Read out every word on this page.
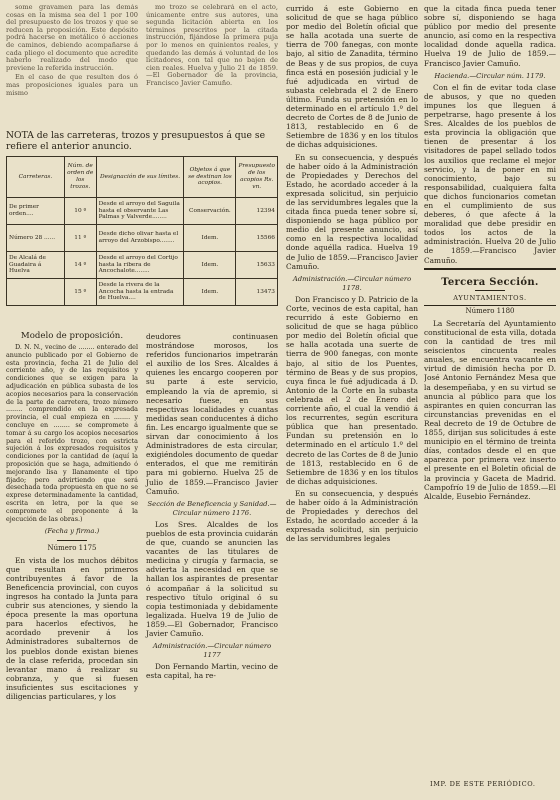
some gravamen para las demás cosas en la misma sea del 1 por 100 del presupuesto de los trozos y que se reducen la proposición. Este depósito podrá hacerse en metálico ó acciones de caminos, debiendo acompañarse á cada pliego el documento que acredite haberlo realizado del modo que previene la referida instrucción.

En el caso de que resulten dos ó mas proposiciones iguales para un mismo

mo trozo se celebrará en el acto, únicamente entre sus autores, una segunda licitación abierta en los términos prescritos por la citada instrucción, fijándose la primera puja por lo menos en quinientos reales, y quedando las demás á voluntad de los licitadores, con tal que no bajen de cien reales. Huelva y Julio 21 de 1859.—El Gobernador de la provincia, Francisco Javier Camuño.

NOTA de las carreteras, trozos y presupuestos á que se refiere el anterior anuncio.

Carreteras.	Núm. de orden de los trozos.	Designación de sus límites.	Objetos á que se destinan los acopios.	Presupuesto de los acopios Rs. vn.
De primer orden....	10 º	Desde el arroyo del Saguila hasta el observante Las Palmas y Valverde........	Conservación.	12394
Número 28 ......	11 º	Desde dicho olivar hasta el arroyo del Arzobispo........	Idem.	15566
De Alcalá de Guadaira á Huelva	14 º	Desde el arroyo del Cortijo hasta la ribera de Ancochalote........	Idem.	15633
	15 º	Desde la rivera de la Ancocha hasta la entrada de Huelva....	Idem.	13473

Modelo de proposición.

D. N. N., vecino de ........ enterado del anuncio publicado por el Gobierno de esta provincia, fecha 21 de Julio del corriente año, y de las requisitos y condiciones que se exigen para la adjudicación en pública subasta de los acopios necesarios para la conservación de la parte de carretera, trozo número ........ comprendido en la expresada provincia, el cual empieza en ........ y concluye en ........ se compromete á tomar á su cargo los acopios necesarios para el referido trozo, con estricta sujeción á los expresados requisitos y condiciones por la cantidad de (aquí la proposición que se haga, admitiendo ó mejorando lisa y llanamente el tipo fijado; pero advirtiendo que será desechada toda propuesta en que no se exprese determinadamente la cantidad, escrita en letra, por la que se compromete el proponente á la ejecución de las obras.)

(Fecha y firma.)

Número 1175

En vista de los muchos débitos que resultan en primeros contribuyentes á favor de la Beneficencia provincial, con cuyos ingresos ha contado la Junta para cubrir sus atenciones, y siendo la época presente la mas oportuna para hacerlos efectivos, he acordado prevenir á los Administradores subalternos de los pueblos donde existan bienes de la clase referida, procedan sin levantar mano á realizar su cobranza, y que si fuesen insuficientes sus escitaciones y diligencias particulares, y los

deudores continuasen mostrándose morosos, los referidos funcionarios impetrarán el auxilio de los Sres. Alcaldes á quienes les encargo cooperen por su parte á este servicio, empleando la vía de apremio, si necesario fuese, en sus respectivas localidades y cuantas medidas sean conducentes á dicho fin. Les encargo igualmente que se sirvan dar conocimiento á los Administradores de esta circular, exigiéndoles documento de quedar enterados, el que me remitirán para mi gobierno. Huelva 25 de Julio de 1859.—Francisco Javier Camuño.

Sección de Beneficencia y Sanidad.—Circular número 1176.

Los Sres. Alcaldes de los pueblos de esta provincia cuidarán de que, cuando se anuncien las vacantes de las titulares de medicina y cirugía y farmacia, se advierta la necesidad en que se hallan los aspirantes de presentar ó acompañar á la solicitud su respectivo título original ó su copia testimoniada y debidamente legalizada. Huelva 19 de Julio de 1859.—El Gobernador, Francisco Javier Camuño.

Administración.—Circular número 1177

Don Fernando Martin, vecino de esta capital, ha re-

currido á este Gobierno en solicitud de que se haga público por medio del Boletín oficial que se halla acotada una suerte de tierra de 700 fanegas, con monte bajo, al sitio de Zanadita, término de Beas y de sus propios, de cuya finca está en posesión judicial y le fué adjudicada en virtud de subasta celebrada el 2 de Enero último. Funda su pretensión en lo determinado en el artículo 1.º del decreto de Cortes de 8 de Junio de 1813, restablecido en 6 de Setiembre de 1836 y en los títulos de dichas adquisiciones.

En su consecuencia, y después de haber oído á la Administración de Propiedades y Derechos del Estado, he acordado acceder á la expresada solicitud, sin perjuicio de las servidumbres legales que la citada finca pueda tener sobre sí, disponiendo se haga público por medio del presente anuncio, así como en la respectiva localidad donde aquélla radica. Huelva 19 de Julio de 1859.—Francisco Javier Camuño.

Administración.—Circular número 1178.

Don Francisco y D. Patricio de la Corte, vecinos de esta capital, han recurrido á este Gobierno en solicitud de que se haga público por medio del Boletín oficial que se halla acotada una suerte de tierra de 900 fanegas, con monte bajo, al sitio de los Puentes, término de Beas y de sus propios, cuya finca le fué adjudicada á D. Antonio de la Corte en la subasta celebrada el 2 de Enero del corriente año, el cual la vendió á los recurrentes, según escritura pública que han presentado. Fundan su pretensión en lo determinado en el artículo 1.º del decreto de las Cortes de 8 de Junio de 1813, restablecido en 6 de Setiembre de 1836 y en los títulos de dichas adquisiciones.

En su consecuencia, y después de haber oído á la Administración de Propiedades y derechos del Estado, he acordado acceder á la expresada solicitud, sin perjuicio de las servidumbres legales

que la citada finca pueda tener sobre sí, disponiendo se haga público por medio del presente anuncio, así como en la respectiva localidad donde aquella radica. Huelva 19 de Julio de 1859.—Francisco Javier Camuño.

Hacienda.—Circular núm. 1179.

Con el fin de evitar toda clase de abusos, y que no queden impunes los que lleguen á perpetrarse, hago presente á los Sres. Alcaldes de los pueblos de esta provincia la obligación que tienen de presentar á los visitadores de papel sellado todos los auxilios que reclame el mejor servicio, y la de poner en mi conocimiento, bajo su responsabilidad, cualquiera falta que dichos funcionarios cometan en el cumplimiento de sus deberes, ó que afecte á la moralidad que debe presidir en todos los actos de la administración. Huelva 20 de Julio de 1859.—Francisco Javier Camuño.

Tercera Sección.

AYUNTAMIENTOS.

Número 1180

La Secretaría del Ayuntamiento constitucional de esta villa, dotada con la cantidad de tres mil seiscientos cincuenta reales anuales, se encuentra vacante en virtud de dimisión hecha por D. José Antonio Fernández Mesa que la desempeñaba, y en su virtud se anuncia al público para que los aspirantes en quien concurran las circunstancias prevenidas en el Real decreto de 19 de Octubre de 1855, dirijan sus solicitudes á este municipio en el término de treinta días, contados desde el en que aparezca por primera vez inserto el presente en el Boletín oficial de la provincia y Gaceta de Madrid. Campofrío 19 de Julio de 1859.—El Alcalde, Eusebio Fernández.

IMP. DE ESTE PERIÓDICO.
